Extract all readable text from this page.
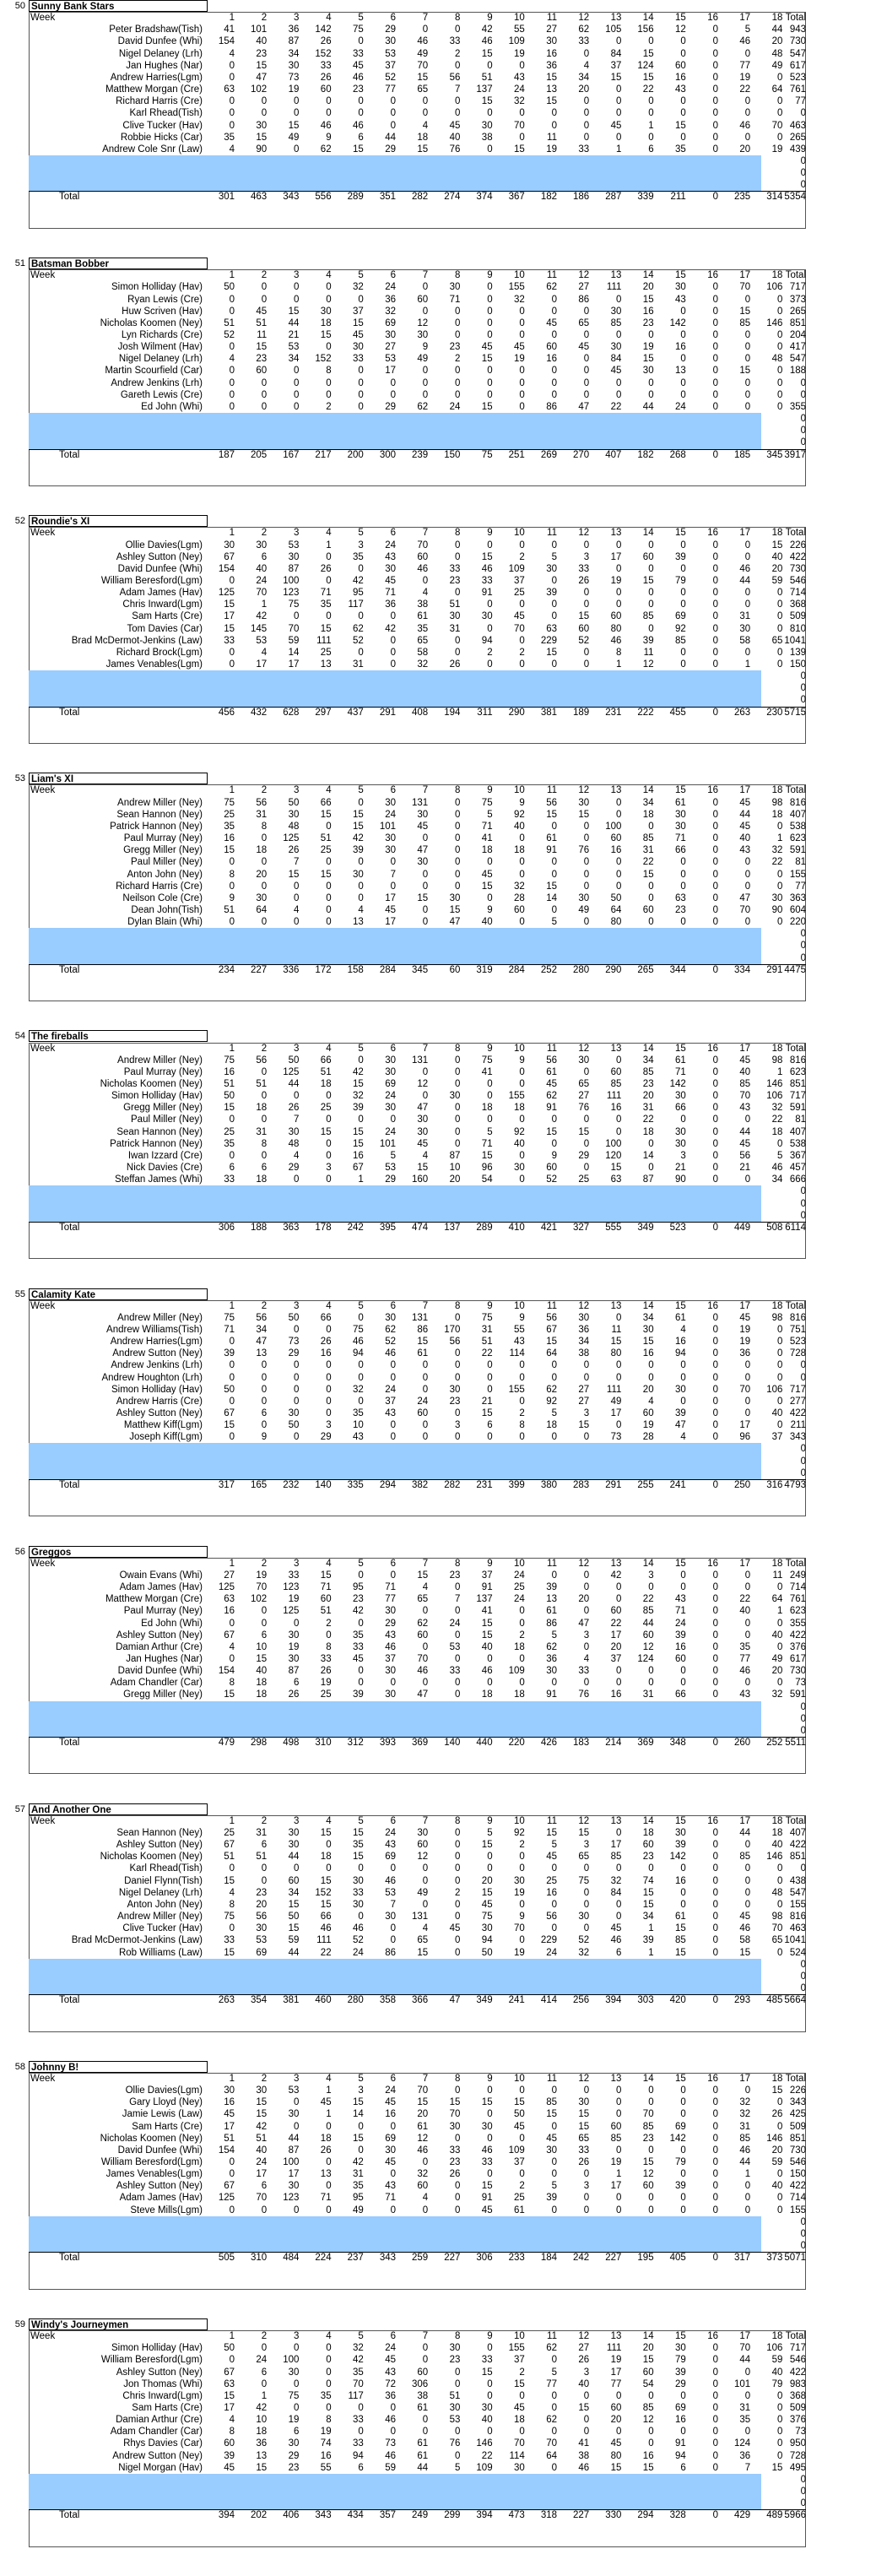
50 Sunny Bank Stars
Week	1	2	3	4	5	6	7	8	9	10	11	12	13	14	15	16	17	18 Total
Peter Bradshaw(Tish)	41	101	36	142	75	29	0	0	42	55	27	62	105	156	12	0	5	44 943
David Dunfee (Whi)	154	40	87	26	0	30	46	33	46	109	30	33	0	0	0	0	46	20 730
Nigel Delaney (Lrh)	4	23	34	152	33	53	49	2	15	19	16	0	84	15	0	0	0	48 547
Jan Hughes (Nar)	0	15	30	33	45	37	70	0	0	0	36	4	37	124	60	0	77	49 617
Andrew Harries(Lgm)	0	47	73	26	46	52	15	56	51	43	15	34	15	15	16	0	19	0 523
Matthew Morgan (Cre)	63	102	19	60	23	77	65	7	137	24	13	20	0	22	43	0	22	64 761
Richard Harris (Cre)	0	0	0	0	0	0	0	0	15	32	15	0	0	0	0	0	0	0	77
Karl Rhead(Tish)	0	0	0	0	0	0	0	0	0	0	0	0	0	0	0	0	0	0	0
Clive Tucker (Hav)	0	30	15	46	46	0	4	45	30	70	0	0	45	1	15	0	46	70 463
Robbie Hicks (Car)	35	15	49	9	6	44	18	40	38	0	11	0	0	0	0	0	0	0 265
Andrew Cole Snr (Law)	4	90	0	62	15	29	15	76	0	15	19	33	1	6	35	0	20	19 439
0
0
0
Total	301	463	343	556	289	351	282	274	374	367	182	186	287	339	211	0	235	314 5354
51 Batsman Bobber
Week	1	2	3	4	5	6	7	8	9	10	11	12	13	14	15	16	17	18 Total
Simon Holliday (Hav)	50	0	0	0	32	24	0	30	0	155	62	27	111	20	30	0	70	106 717
Ryan Lewis (Cre)	0	0	0	0	0	36	60	71	0	32	0	86	0	15	43	0	0	0 373
Huw Scriven (Hav)	0	45	15	30	37	32	0	0	0	0	0	0	30	16	0	0	15	0 265
Nicholas Koomen (Ney)	51	51	44	18	15	69	12	0	0	0	45	65	85	23	142	0	85	146 851
Lyn Richards (Cre)	52	11	21	15	45	30	30	0	0	0	0	0	0	0	0	0	0	0 204
Josh Wilment (Hav)	0	15	53	0	30	27	9	23	45	45	60	45	30	19	16	0	0	0 417
Nigel Delaney (Lrh)	4	23	34	152	33	53	49	2	15	19	16	0	84	15	0	0	0	48 547
Martin Scourfield (Car)	0	60	0	8	0	17	0	0	0	0	0	0	45	30	13	0	15	0 188
Andrew Jenkins (Lrh)	0	0	0	0	0	0	0	0	0	0	0	0	0	0	0	0	0	0	0
Gareth Lewis (Cre)	0	0	0	0	0	0	0	0	0	0	0	0	0	0	0	0	0	0	0
Ed John (Whi)	0	0	0	2	0	29	62	24	15	0	86	47	22	44	24	0	0	0 355
0
0
0
Total	187	205	167	217	200	300	239	150	75	251	269	270	407	182	268	0	185	345 3917
52 Roundie's XI
Week	1	2	3	4	5	6	7	8	9	10	11	12	13	14	15	16	17	18 Total
Ollie Davies(Lgm)	30	30	53	1	3	24	70	0	0	0	0	0	0	0	0	0	0	15 226
Ashley Sutton (Ney)	67	6	30	0	35	43	60	0	15	2	5	3	17	60	39	0	0	40 422
David Dunfee (Whi)	154	40	87	26	0	30	46	33	46	109	30	33	0	0	0	0	46	20 730
William Beresford(Lgm)	0	24	100	0	42	45	0	23	33	37	0	26	19	15	79	0	44	59 546
Adam James (Hav)	125	70	123	71	95	71	4	0	91	25	39	0	0	0	0	0	0	0 714
Chris Inward(Lgm)	15	1	75	35	117	36	38	51	0	0	0	0	0	0	0	0	0	0 368
Sam Harts (Cre)	17	42	0	0	0	0	61	30	30	45	0	15	60	85	69	0	31	0 509
Tom Davies (Car)	15	145	70	15	62	42	35	31	0	70	63	60	80	0	92	0	30	0 810
Brad McDermot-Jenkins (Law)	33	53	59	111	52	0	65	0	94	0	229	52	46	39	85	0	58	65 1041
Richard Brock(Lgm)	0	4	14	25	0	0	58	0	2	2	15	0	8	11	0	0	0	0 139
James Venables(Lgm)	0	17	17	13	31	0	32	26	0	0	0	0	1	12	0	0	1	0 150
0
0
0
Total	456	432	628	297	437	291	408	194	311	290	381	189	231	222	455	0	263	230 5715
53 Liam's XI
Week	1	2	3	4	5	6	7	8	9	10	11	12	13	14	15	16	17	18 Total
Andrew Miller (Ney)	75	56	50	66	0	30	131	0	75	9	56	30	0	34	61	0	45	98 816
Sean Hannon (Ney)	25	31	30	15	15	24	30	0	5	92	15	15	0	18	30	0	44	18 407
Patrick Hannon (Ney)	35	8	48	0	15	101	45	0	71	40	0	0	100	0	30	0	45	0 538
Paul Murray (Ney)	16	0	125	51	42	30	0	0	41	0	61	0	60	85	71	0	40	1 623
Gregg Miller (Ney)	15	18	26	25	39	30	47	0	18	18	91	76	16	31	66	0	43	32 591
Paul Miller (Ney)	0	0	7	0	0	0	30	0	0	0	0	0	0	22	0	0	0	22	81
Anton John (Ney)	8	20	15	15	30	7	0	0	45	0	0	0	0	15	0	0	0	0 155
Richard Harris (Cre)	0	0	0	0	0	0	0	0	15	32	15	0	0	0	0	0	0	0	77
Neilson Cole (Cre)	9	30	0	0	0	17	15	30	0	28	14	30	50	0	63	0	47	30 363
Dean John(Tish)	51	64	4	0	4	45	0	15	9	60	0	49	64	60	23	0	70	90 604
Dylan Blain (Whi)	0	0	0	0	13	17	0	47	40	0	5	0	80	0	0	0	0	0 220
0
0
0
Total	234	227	336	172	158	284	345	60	319	284	252	280	290	265	344	0	334	291 4475
54 The fireballs
Week	1	2	3	4	5	6	7	8	9	10	11	12	13	14	15	16	17	18 Total
Andrew Miller (Ney)	75	56	50	66	0	30	131	0	75	9	56	30	0	34	61	0	45	98 816
Paul Murray (Ney)	16	0	125	51	42	30	0	0	41	0	61	0	60	85	71	0	40	1 623
Nicholas Koomen (Ney)	51	51	44	18	15	69	12	0	0	0	45	65	85	23	142	0	85	146 851
Simon Holliday (Hav)	50	0	0	0	32	24	0	30	0	155	62	27	111	20	30	0	70	106 717
Gregg Miller (Ney)	15	18	26	25	39	30	47	0	18	18	91	76	16	31	66	0	43	32 591
Paul Miller (Ney)	0	0	7	0	0	0	30	0	0	0	0	0	0	22	0	0	0	22	81
Sean Hannon (Ney)	25	31	30	15	15	24	30	0	5	92	15	15	0	18	30	0	44	18 407
Patrick Hannon (Ney)	35	8	48	0	15	101	45	0	71	40	0	0	100	0	30	0	45	0 538
Iwan Izzard (Cre)	0	0	4	0	16	5	4	87	15	0	9	29	120	14	3	0	56	5 367
Nick Davies (Cre)	6	6	29	3	67	53	15	10	96	30	60	0	15	0	21	0	21	46 457
Steffan James (Whi)	33	18	0	0	1	29	160	20	54	0	52	25	63	87	90	0	0	34 666
0
0
0
Total	306	188	363	178	242	395	474	137	289	410	421	327	555	349	523	0	449	508 6114
55 Calamity Kate
Week	1	2	3	4	5	6	7	8	9	10	11	12	13	14	15	16	17	18 Total
Andrew Miller (Ney)	75	56	50	66	0	30	131	0	75	9	56	30	0	34	61	0	45	98 816
Andrew Williams(Tish)	71	34	0	0	75	62	86	170	31	55	67	36	11	30	4	0	19	0 751
Andrew Harries(Lgm)	0	47	73	26	46	52	15	56	51	43	15	34	15	15	16	0	19	0 523
Andrew Sutton (Ney)	39	13	29	16	94	46	61	0	22	114	64	38	80	16	94	0	36	0 728
Andrew Jenkins (Lrh)	0	0	0	0	0	0	0	0	0	0	0	0	0	0	0	0	0	0	0
Andrew Houghton (Lrh)	0	0	0	0	0	0	0	0	0	0	0	0	0	0	0	0	0	0	0
Simon Holliday (Hav)	50	0	0	0	32	24	0	30	0	155	62	27	111	20	30	0	70	106 717
Andrew Harris (Cre)	0	0	0	0	0	37	24	23	21	0	92	27	49	4	0	0	0	0 277
Ashley Sutton (Ney)	67	6	30	0	35	43	60	0	15	2	5	3	17	60	39	0	0	40 422
Matthew Kiff(Lgm)	15	0	50	3	10	0	0	3	6	8	18	15	0	19	47	0	17	0 211
Joseph Kiff(Lgm)	0	9	0	29	43	0	0	0	0	0	0	0	73	28	4	0	96	37 343
0
0
0
Total	317	165	232	140	335	294	382	282	231	399	380	283	291	255	241	0	250	316 4793
56 Greggos
Week	1	2	3	4	5	6	7	8	9	10	11	12	13	14	15	16	17	18 Total
Owain Evans (Whi)	27	19	33	15	0	0	15	23	37	24	0	0	42	3	0	0	0	11 249
Adam James (Hav)	125	70	123	71	95	71	4	0	91	25	39	0	0	0	0	0	0	0 714
Matthew Morgan (Cre)	63	102	19	60	23	77	65	7	137	24	13	20	0	22	43	0	22	64 761
Paul Murray (Ney)	16	0	125	51	42	30	0	0	41	0	61	0	60	85	71	0	40	1 623
Ed John (Whi)	0	0	0	2	0	29	62	24	15	0	86	47	22	44	24	0	0	0 355
Ashley Sutton (Ney)	67	6	30	0	35	43	60	0	15	2	5	3	17	60	39	0	0	40 422
Damian Arthur (Cre)	4	10	19	8	33	46	0	53	40	18	62	0	20	12	16	0	35	0 376
Jan Hughes (Nar)	0	15	30	33	45	37	70	0	0	0	36	4	37	124	60	0	77	49 617
David Dunfee (Whi)	154	40	87	26	0	30	46	33	46	109	30	33	0	0	0	0	46	20 730
Adam Chandler (Car)	8	18	6	19	0	0	0	0	0	0	0	0	0	0	0	0	0	0	73
Gregg Miller (Ney)	15	18	26	25	39	30	47	0	18	18	91	76	16	31	66	0	43	32 591
0
0
0
Total	479	298	498	310	312	393	369	140	440	220	426	183	214	369	348	0	260	252 5511
57 And Another One
Week	1	2	3	4	5	6	7	8	9	10	11	12	13	14	15	16	17	18 Total
Sean Hannon (Ney)	25	31	30	15	15	24	30	0	5	92	15	15	0	18	30	0	44	18 407
Ashley Sutton (Ney)	67	6	30	0	35	43	60	0	15	2	5	3	17	60	39	0	0	40 422
Nicholas Koomen (Ney)	51	51	44	18	15	69	12	0	0	0	45	65	85	23	142	0	85	146 851
Karl Rhead(Tish)	0	0	0	0	0	0	0	0	0	0	0	0	0	0	0	0	0	0	0
Daniel Flynn(Tish)	15	0	60	15	30	46	0	0	20	30	25	75	32	74	16	0	0	0 438
Nigel Delaney (Lrh)	4	23	34	152	33	53	49	2	15	19	16	0	84	15	0	0	0	48 547
Anton John (Ney)	8	20	15	15	30	7	0	0	45	0	0	0	0	15	0	0	0	0 155
Andrew Miller (Ney)	75	56	50	66	0	30	131	0	75	9	56	30	0	34	61	0	45	98 816
Clive Tucker (Hav)	0	30	15	46	46	0	4	45	30	70	0	0	45	1	15	0	46	70 463
Brad McDermot-Jenkins (Law)	33	53	59	111	52	0	65	0	94	0	229	52	46	39	85	0	58	65 1041
Rob Williams (Law)	15	69	44	22	24	86	15	0	50	19	24	32	6	1	15	0	15	0 524
0
0
0
Total	263	354	381	460	280	358	366	47	349	241	414	256	394	303	420	0	293	485 5664
58 Johnny B!
Week	1	2	3	4	5	6	7	8	9	10	11	12	13	14	15	16	17	18 Total
Ollie Davies(Lgm)	30	30	53	1	3	24	70	0	0	0	0	0	0	0	0	0	0	15 226
Gary Lloyd (Ney)	16	15	0	45	15	45	15	15	15	15	85	30	0	0	0	0	32	0 343
Jamie Lewis (Law)	45	15	30	1	14	16	20	70	0	50	15	15	0	70	0	0	32	26 425
Sam Harts (Cre)	17	42	0	0	0	0	61	30	30	45	0	15	60	85	69	0	31	0 509
Nicholas Koomen (Ney)	51	51	44	18	15	69	12	0	0	0	45	65	85	23	142	0	85	146 851
David Dunfee (Whi)	154	40	87	26	0	30	46	33	46	109	30	33	0	0	0	0	46	20 730
William Beresford(Lgm)	0	24	100	0	42	45	0	23	33	37	0	26	19	15	79	0	44	59 546
James Venables(Lgm)	0	17	17	13	31	0	32	26	0	0	0	0	1	12	0	0	1	0 150
Ashley Sutton (Ney)	67	6	30	0	35	43	60	0	15	2	5	3	17	60	39	0	0	40 422
Adam James (Hav)	125	70	123	71	95	71	4	0	91	25	39	0	0	0	0	0	0	0 714
Steve Mills(Lgm)	0	0	0	0	49	0	0	0	45	61	0	0	0	0	0	0	0	0 155
0
0
0
Total	505	310	484	224	237	343	259	227	306	233	184	242	227	195	405	0	317	373 5071
59 Windy's Journeymen
Week	1	2	3	4	5	6	7	8	9	10	11	12	13	14	15	16	17	18 Total
Simon Holliday (Hav)	50	0	0	0	32	24	0	30	0	155	62	27	111	20	30	0	70	106 717
William Beresford(Lgm)	0	24	100	0	42	45	0	23	33	37	0	26	19	15	79	0	44	59 546
Ashley Sutton (Ney)	67	6	30	0	35	43	60	0	15	2	5	3	17	60	39	0	0	40 422
Jon Thomas (Whi)	63	0	0	0	70	72	306	0	0	15	77	40	77	54	29	0	101	79 983
Chris Inward(Lgm)	15	1	75	35	117	36	38	51	0	0	0	0	0	0	0	0	0	0 368
Sam Harts (Cre)	17	42	0	0	0	0	61	30	30	45	0	15	60	85	69	0	31	0 509
Damian Arthur (Cre)	4	10	19	8	33	46	0	53	40	18	62	0	20	12	16	0	35	0 376
Adam Chandler (Car)	8	18	6	19	0	0	0	0	0	0	0	0	0	0	0	0	0	0	73
Rhys Davies (Car)	60	36	30	74	33	73	61	76	146	70	70	41	45	0	91	0	124	0 950
Andrew Sutton (Ney)	39	13	29	16	94	46	61	0	22	114	64	38	80	16	94	0	36	0 728
Nigel Morgan (Hav)	45	15	23	55	6	59	44	5	109	30	0	46	15	15	6	0	7	15 495
0
0
0
Total	394	202	406	343	434	357	249	299	394	473	318	227	330	294	328	0	429	489 5966
